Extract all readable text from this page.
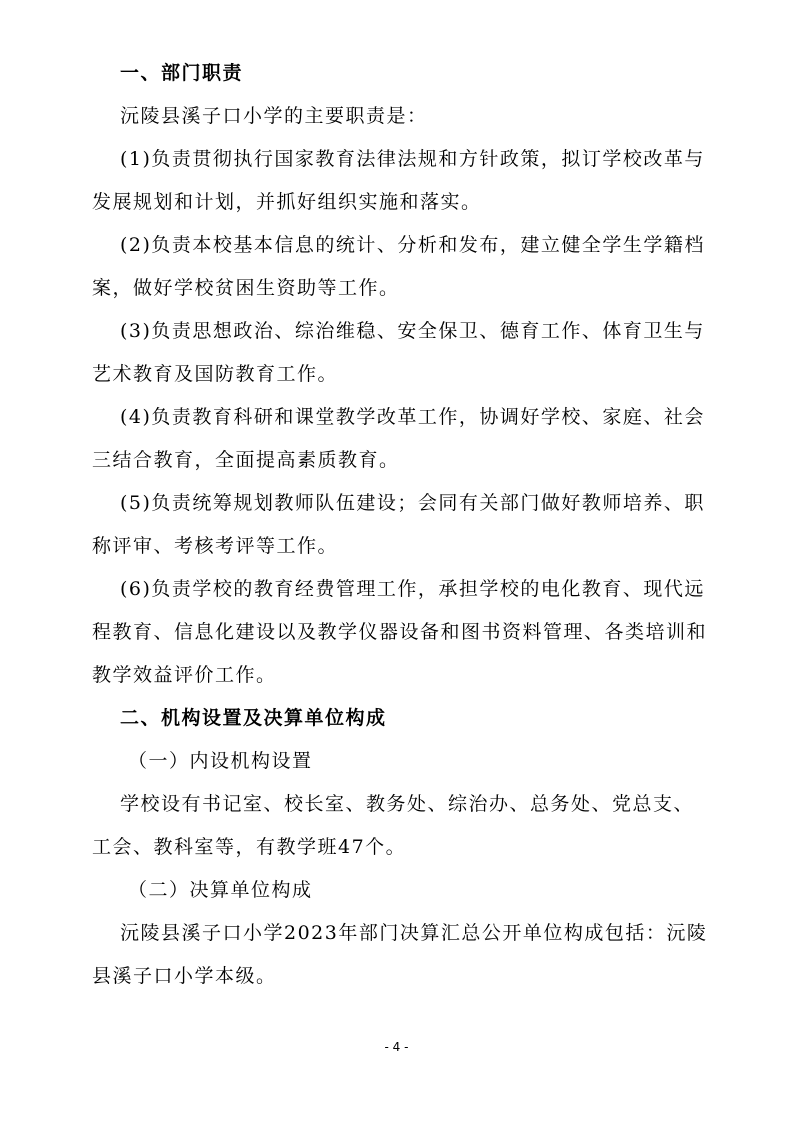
一、部门职责

沅陵县溪子口小学的主要职责是：

(1)负责贯彻执行国家教育法律法规和方针政策，拟订学校改革与

发展规划和计划，并抓好组织实施和落实。

(2)负责本校基本信息的统计、分析和发布，建立健全学生学籍档

案，做好学校贫困生资助等工作。

(3)负责思想政治、综治维稳、安全保卫、德育工作、体育卫生与

艺术教育及国防教育工作。

(4)负责教育科研和课堂教学改革工作，协调好学校、家庭、社会

三结合教育，全面提高素质教育。

(5)负责统筹规划教师队伍建设；会同有关部门做好教师培养、职

称评审、考核考评等工作。

(6)负责学校的教育经费管理工作，承担学校的电化教育、现代远

程教育、信息化建设以及教学仪器设备和图书资料管理、各类培训和

教学效益评价工作。

二、机构设置及决算单位构成

（一）内设机构设置

学校设有书记室、校长室、教务处、综治办、总务处、党总支、

工会、教科室等，有教学班47个。

（二）决算单位构成

沅陵县溪子口小学2023年部门决算汇总公开单位构成包括：沅陵

县溪子口小学本级。

- 4 -
